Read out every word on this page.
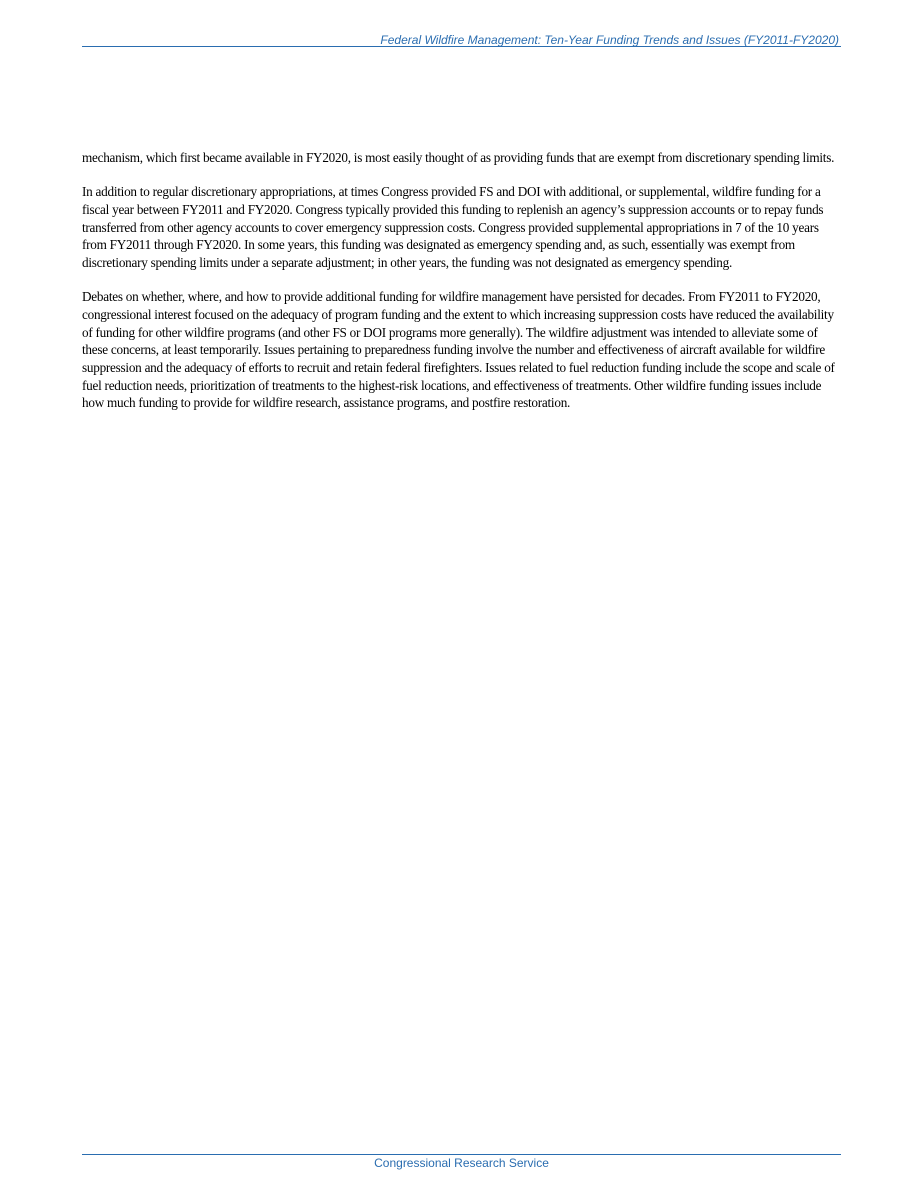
Federal Wildfire Management: Ten-Year Funding Trends and Issues (FY2011-FY2020)

mechanism, which first became available in FY2020, is most easily thought of as providing funds that are exempt from discretionary spending limits.

In addition to regular discretionary appropriations, at times Congress provided FS and DOI with additional, or supplemental, wildfire funding for a fiscal year between FY2011 and FY2020. Congress typically provided this funding to replenish an agency’s suppression accounts or to repay funds transferred from other agency accounts to cover emergency suppression costs. Congress provided supplemental appropriations in 7 of the 10 years from FY2011 through FY2020. In some years, this funding was designated as emergency spending and, as such, essentially was exempt from discretionary spending limits under a separate adjustment; in other years, the funding was not designated as emergency spending.

Debates on whether, where, and how to provide additional funding for wildfire management have persisted for decades. From FY2011 to FY2020, congressional interest focused on the adequacy of program funding and the extent to which increasing suppression costs have reduced the availability of funding for other wildfire programs (and other FS or DOI programs more generally). The wildfire adjustment was intended to alleviate some of these concerns, at least temporarily. Issues pertaining to preparedness funding involve the number and effectiveness of aircraft available for wildfire suppression and the adequacy of efforts to recruit and retain federal firefighters. Issues related to fuel reduction funding include the scope and scale of fuel reduction needs, prioritization of treatments to the highest-risk locations, and effectiveness of treatments. Other wildfire funding issues include how much funding to provide for wildfire research, assistance programs, and postfire restoration.

Congressional Research Service
